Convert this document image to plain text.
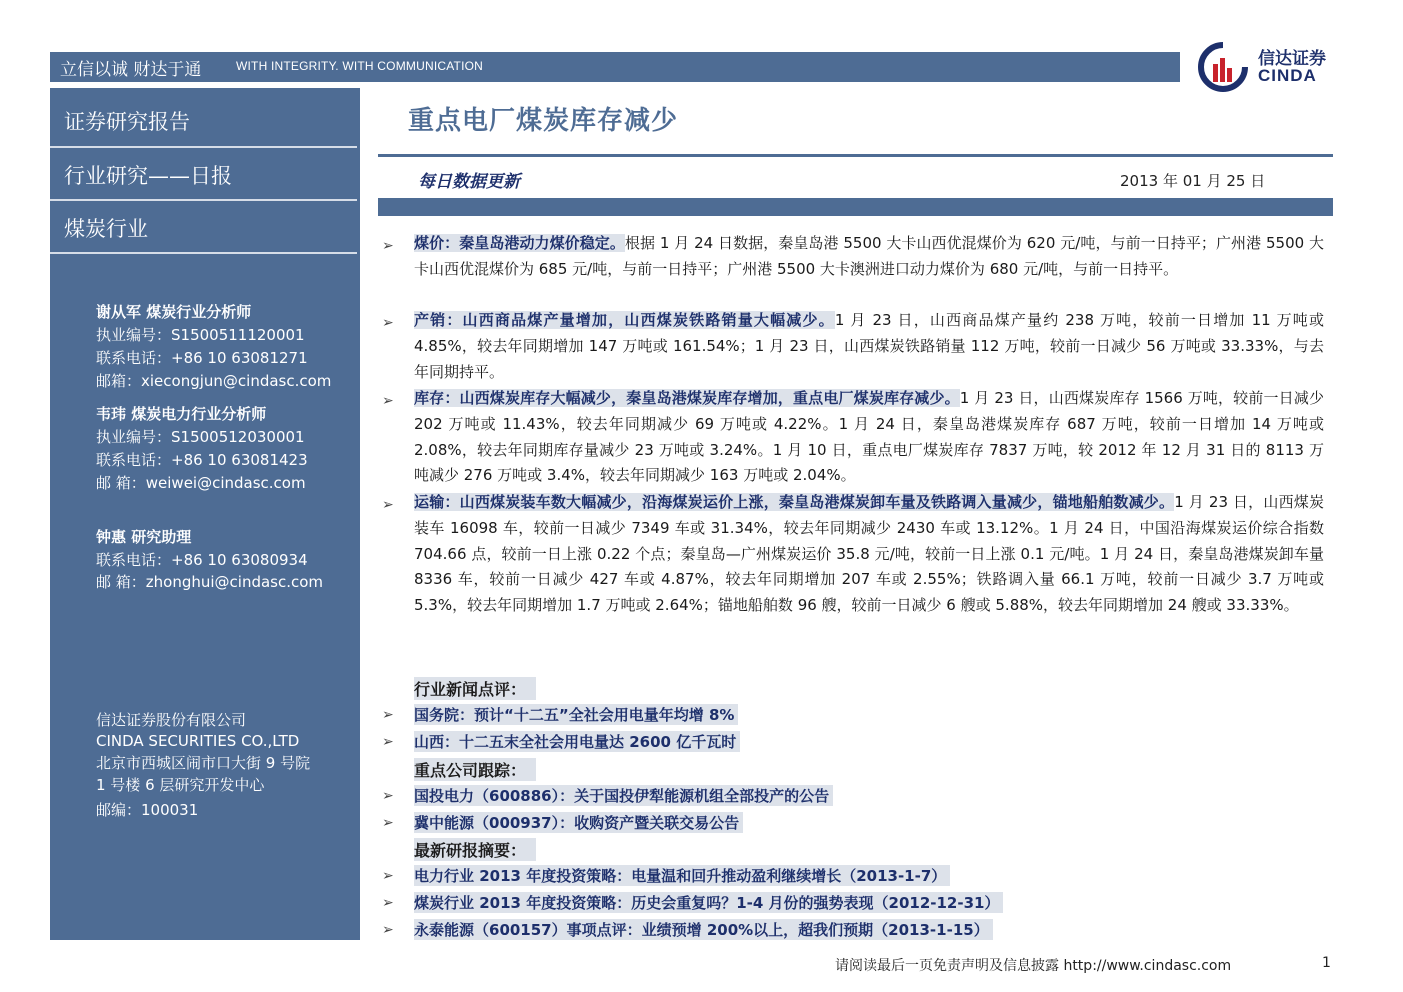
立信以诚 财达于通	WITH INTEGRITY. WITH COMMUNICATION	信达证券
CINDA
证券研究报告
行业研究——日报
煤炭行业
谢从军 煤炭行业分析师
执业编号：S1500511120001
联系电话：+86 10 63081271
邮箱：xiecongjun@cindasc.com
韦玮 煤炭电力行业分析师
执业编号：S1500512030001
联系电话：+86 10 63081423
邮 箱：weiwei@cindasc.com
钟惠 研究助理
联系电话：+86 10 63080934
邮 箱：zhonghui@cindasc.com
信达证券股份有限公司
CINDA SECURITIES CO.,LTD
北京市西城区闹市口大街 9 号院
1 号楼 6 层研究开发中心
邮编：100031
重点电厂煤炭库存减少
每日数据更新	2013 年 01 月 25 日
➢ 煤价：秦皇岛港动力煤价稳定。根据 1 月 24 日数据，秦皇岛港 5500 大卡山西优混煤价为 620 元/吨，与前一日持平；广州港 5500 大卡山西优混煤价为 685 元/吨，与前一日持平；广州港 5500 大卡澳洲进口动力煤价为 680 元/吨，与前一日持平。
➢ 产销：山西商品煤产量增加，山西煤炭铁路销量大幅减少。1 月 23 日，山西商品煤产量约 238 万吨，较前一日增加 11 万吨或 4.85%，较去年同期增加 147 万吨或 161.54%；1 月 23 日，山西煤炭铁路销量 112 万吨，较前一日减少 56 万吨或 33.33%，与去年同期持平。
➢ 库存：山西煤炭库存大幅减少，秦皇岛港煤炭库存增加，重点电厂煤炭库存减少。1 月 23 日，山西煤炭库存 1566 万吨，较前一日减少 202 万吨或 11.43%，较去年同期减少 69 万吨或 4.22%。1 月 24 日，秦皇岛港煤炭库存 687 万吨，较前一日增加 14 万吨或 2.08%，较去年同期库存量减少 23 万吨或 3.24%。1 月 10 日，重点电厂煤炭库存 7837 万吨，较 2012 年 12 月 31 日的 8113 万吨减少 276 万吨或 3.4%，较去年同期减少 163 万吨或 2.04%。
➢ 运输：山西煤炭装车数大幅减少，沿海煤炭运价上涨，秦皇岛港煤炭卸车量及铁路调入量减少，锚地船舶数减少。1 月 23 日，山西煤炭装车 16098 车，较前一日减少 7349 车或 31.34%，较去年同期减少 2430 车或 13.12%。1 月 24 日，中国沿海煤炭运价综合指数 704.66 点，较前一日上涨 0.22 个点；秦皇岛—广州煤炭运价 35.8 元/吨，较前一日上涨 0.1 元/吨。1 月 24 日，秦皇岛港煤炭卸车量 8336 车，较前一日减少 427 车或 4.87%，较去年同期增加 207 车或 2.55%；铁路调入量 66.1 万吨，较前一日减少 3.7 万吨或 5.3%，较去年同期增加 1.7 万吨或 2.64%；锚地船舶数 96 艘，较前一日减少 6 艘或 5.88%，较去年同期增加 24 艘或 33.33%。
行业新闻点评：
➢ 国务院：预计“十二五”全社会用电量年均增 8%
➢ 山西：十二五末全社会用电量达 2600 亿千瓦时
重点公司跟踪：
➢ 国投电力（600886）：关于国投伊犁能源机组全部投产的公告
➢ 冀中能源（000937）：收购资产暨关联交易公告
最新研报摘要：
➢ 电力行业 2013 年度投资策略：电量温和回升推动盈利继续增长（2013-1-7）
➢ 煤炭行业 2013 年度投资策略：历史会重复吗？1-4 月份的强势表现（2012-12-31）
➢ 永泰能源（600157）事项点评：业绩预增 200%以上，超我们预期（2013-1-15）
请阅读最后一页免责声明及信息披露 http://www.cindasc.com	1
